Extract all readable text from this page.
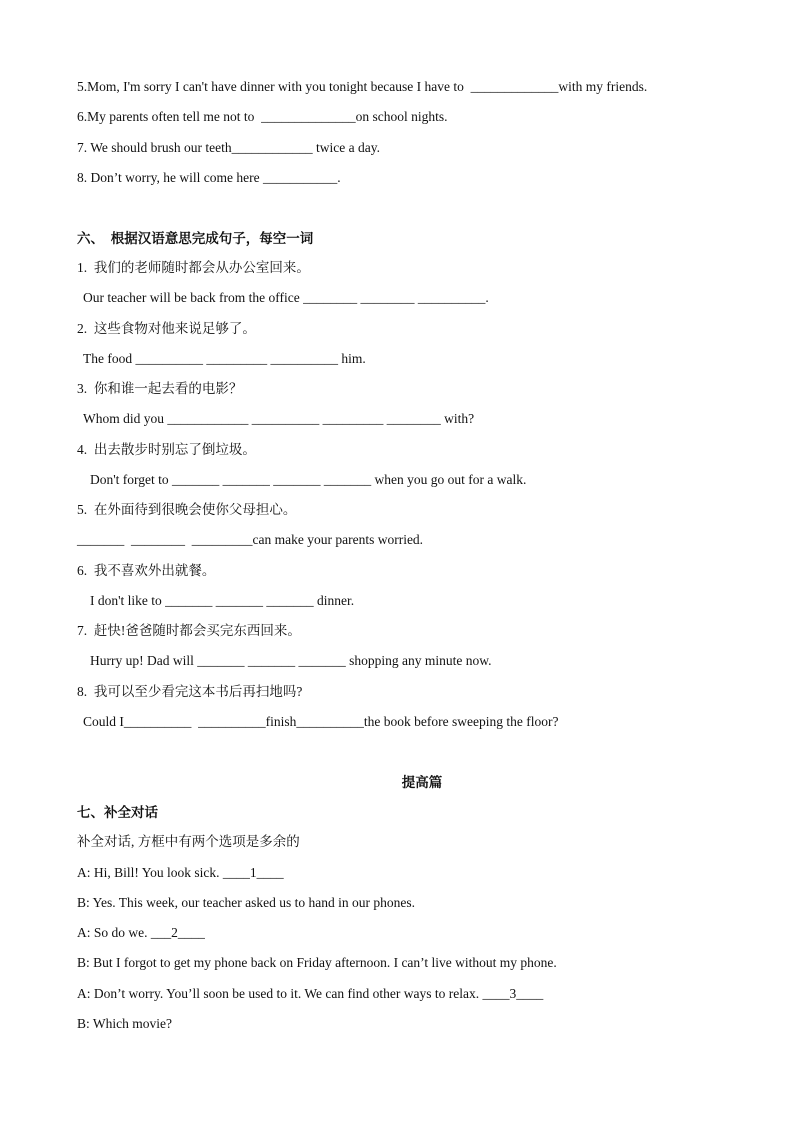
5.Mom, I'm sorry I can't have dinner with you tonight because I have to  _____________with my friends.
6.My parents often tell me not to  ______________on school nights.
7. We should brush our teeth____________ twice a day.
8. Don’t worry, he will come here ___________.
六、  根据汉语意思完成句子，每空一词
1.  我们的老师随时都会从办公室回来。
Our teacher will be back from the office ________ ________ __________.
2.  这些食物对他来说足够了。
The food __________ _________ __________ him.
3.  你和谁一起去看的电影？
Whom did you ____________ __________ _________ ________ with?
4.  出去散步时别忘了倒垃圾。
Don't forget to _______ _______ _______ _______ when you go out for a walk.
5.  在外面待到很晚会使你父母担心。
_______  ________  _________can make your parents worried.
6.  我不喜欢外出就餐。
I don't like to _______ _______ _______ dinner.
7.  赶快!爸爸随时都会买完东西回来。
Hurry up! Dad will _______ _______ _______ shopping any minute now.
8.  我可以至少看完这本书后再扫地吗?
Could I__________  __________finish__________the book before sweeping the floor?
提高篇
七、补全对话
补全对话, 方框中有两个选项是多余的
A: Hi, Bill! You look sick. ____1____
B: Yes. This week, our teacher asked us to hand in our phones.
A: So do we. ___2____
B: But I forgot to get my phone back on Friday afternoon. I can’t live without my phone.
A: Don’t worry. You’ll soon be used to it. We can find other ways to relax. ____3____
B: Which movie?
